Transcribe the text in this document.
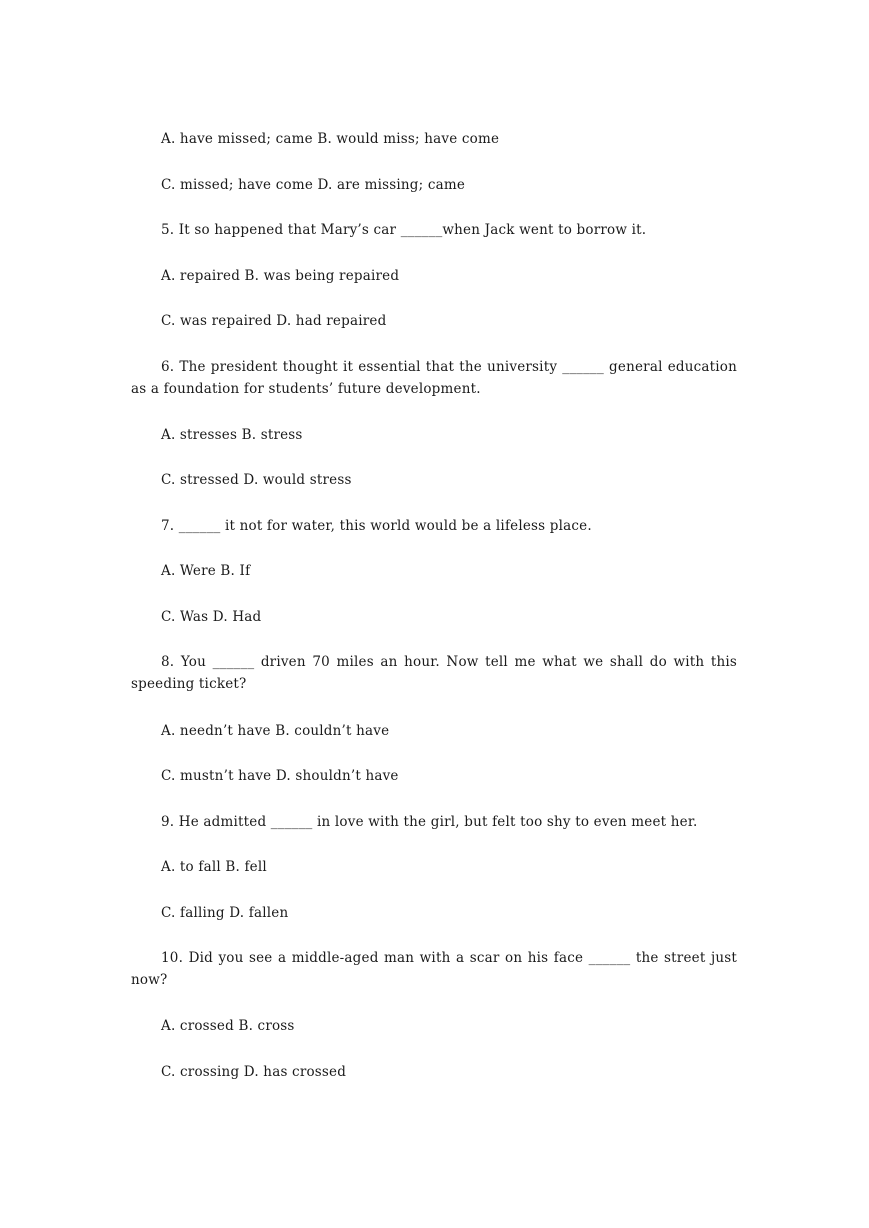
A. have missed; came B. would miss; have come
C. missed; have come D. are missing; came
5. It so happened that Mary’s car ______when Jack went to borrow it.
A. repaired B. was being repaired
C. was repaired D. had repaired
6. The president thought it essential that the university ______ general education as a foundation for students’ future development.
A. stresses B. stress
C. stressed D. would stress
7. ______ it not for water, this world would be a lifeless place.
A. Were B. If
C. Was D. Had
8. You ______ driven 70 miles an hour. Now tell me what we shall do with this speeding ticket?
A. needn’t have B. couldn’t have
C. mustn’t have D. shouldn’t have
9. He admitted ______ in love with the girl, but felt too shy to even meet her.
A. to fall B. fell
C. falling D. fallen
10. Did you see a middle-aged man with a scar on his face ______ the street just now?
A. crossed B. cross
C. crossing D. has crossed
